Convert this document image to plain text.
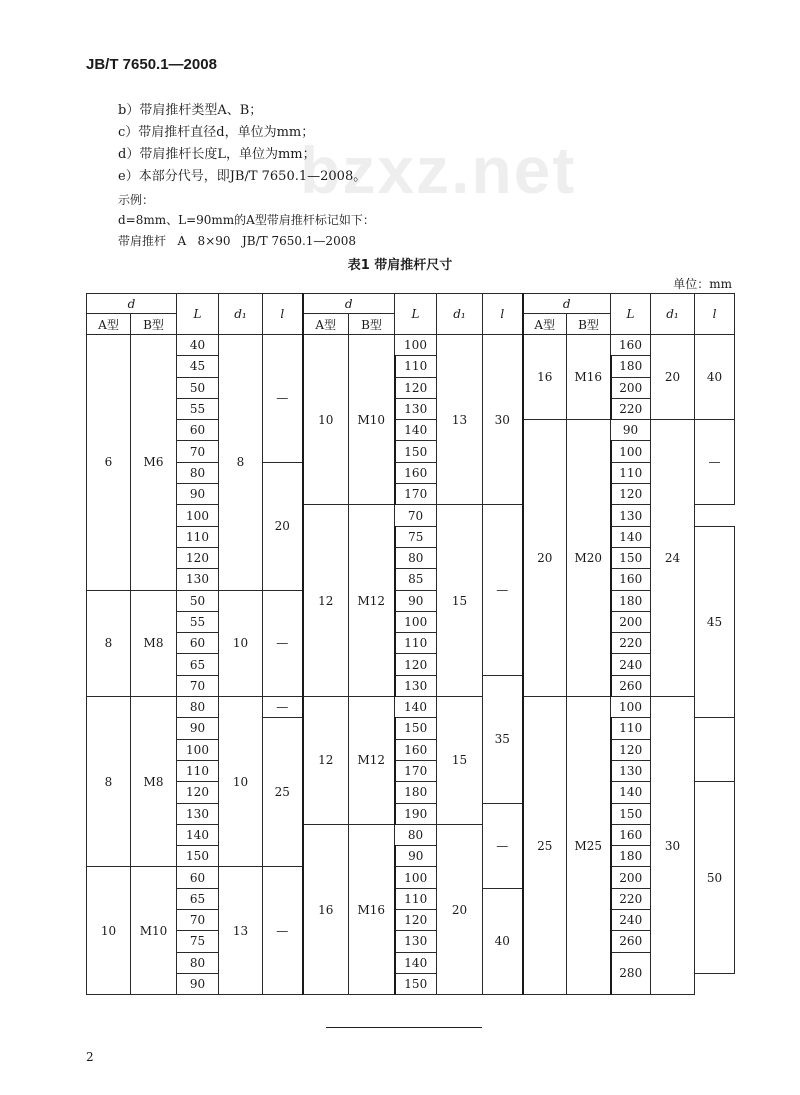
bzxz.net
JB/T 7650.1—2008
b）带肩推杆类型A、B；
c）带肩推杆直径d，单位为mm；
d）带肩推杆长度L，单位为mm；
e）本部分代号，即JB/T 7650.1—2008。
示例：
d=8mm、L=90mm的A型带肩推杆标记如下：
带肩推杆   A   8×90   JB/T 7650.1—2008
表1 带肩推杆尺寸
单位：mm
d		L	d₁	l	d		L	d₁	l	d		L	d₁	l	
A型	B型				A型	B型				A型	B型				
6	M6	40	8	—	10	M10	100	13	30	16	M16	160	20	40	
		45					110					180			
		50					120					200			
		55					130					220			
		60					140			20	M20	90	24	—	
		70					150					100			
		80		20			160					110			
		90					170					120			
		100			12	M12	70	15	—			130			
		110					75					140		45	
		120					80					150			
		130					85					160			
8	M8	50	10	—			90					180			
		55					100					200			
		60					110					220			
		65					120					240			
		70					130		35			260			
8	M8	80	10	—	12	M12	140	15		25	M25	100	30	
		90		25			150					110			
		100					160					120			
		110					170					130			
		120					180					140		50	
		130					190		—			150			
		140			16	M16	80	20				160			
		150					90					180			
10	M10	60	13	—			100					200			
		65					110		40			220			
		70					120					240			
		75					130					260			
		80					140					280			
		90					150								
2
